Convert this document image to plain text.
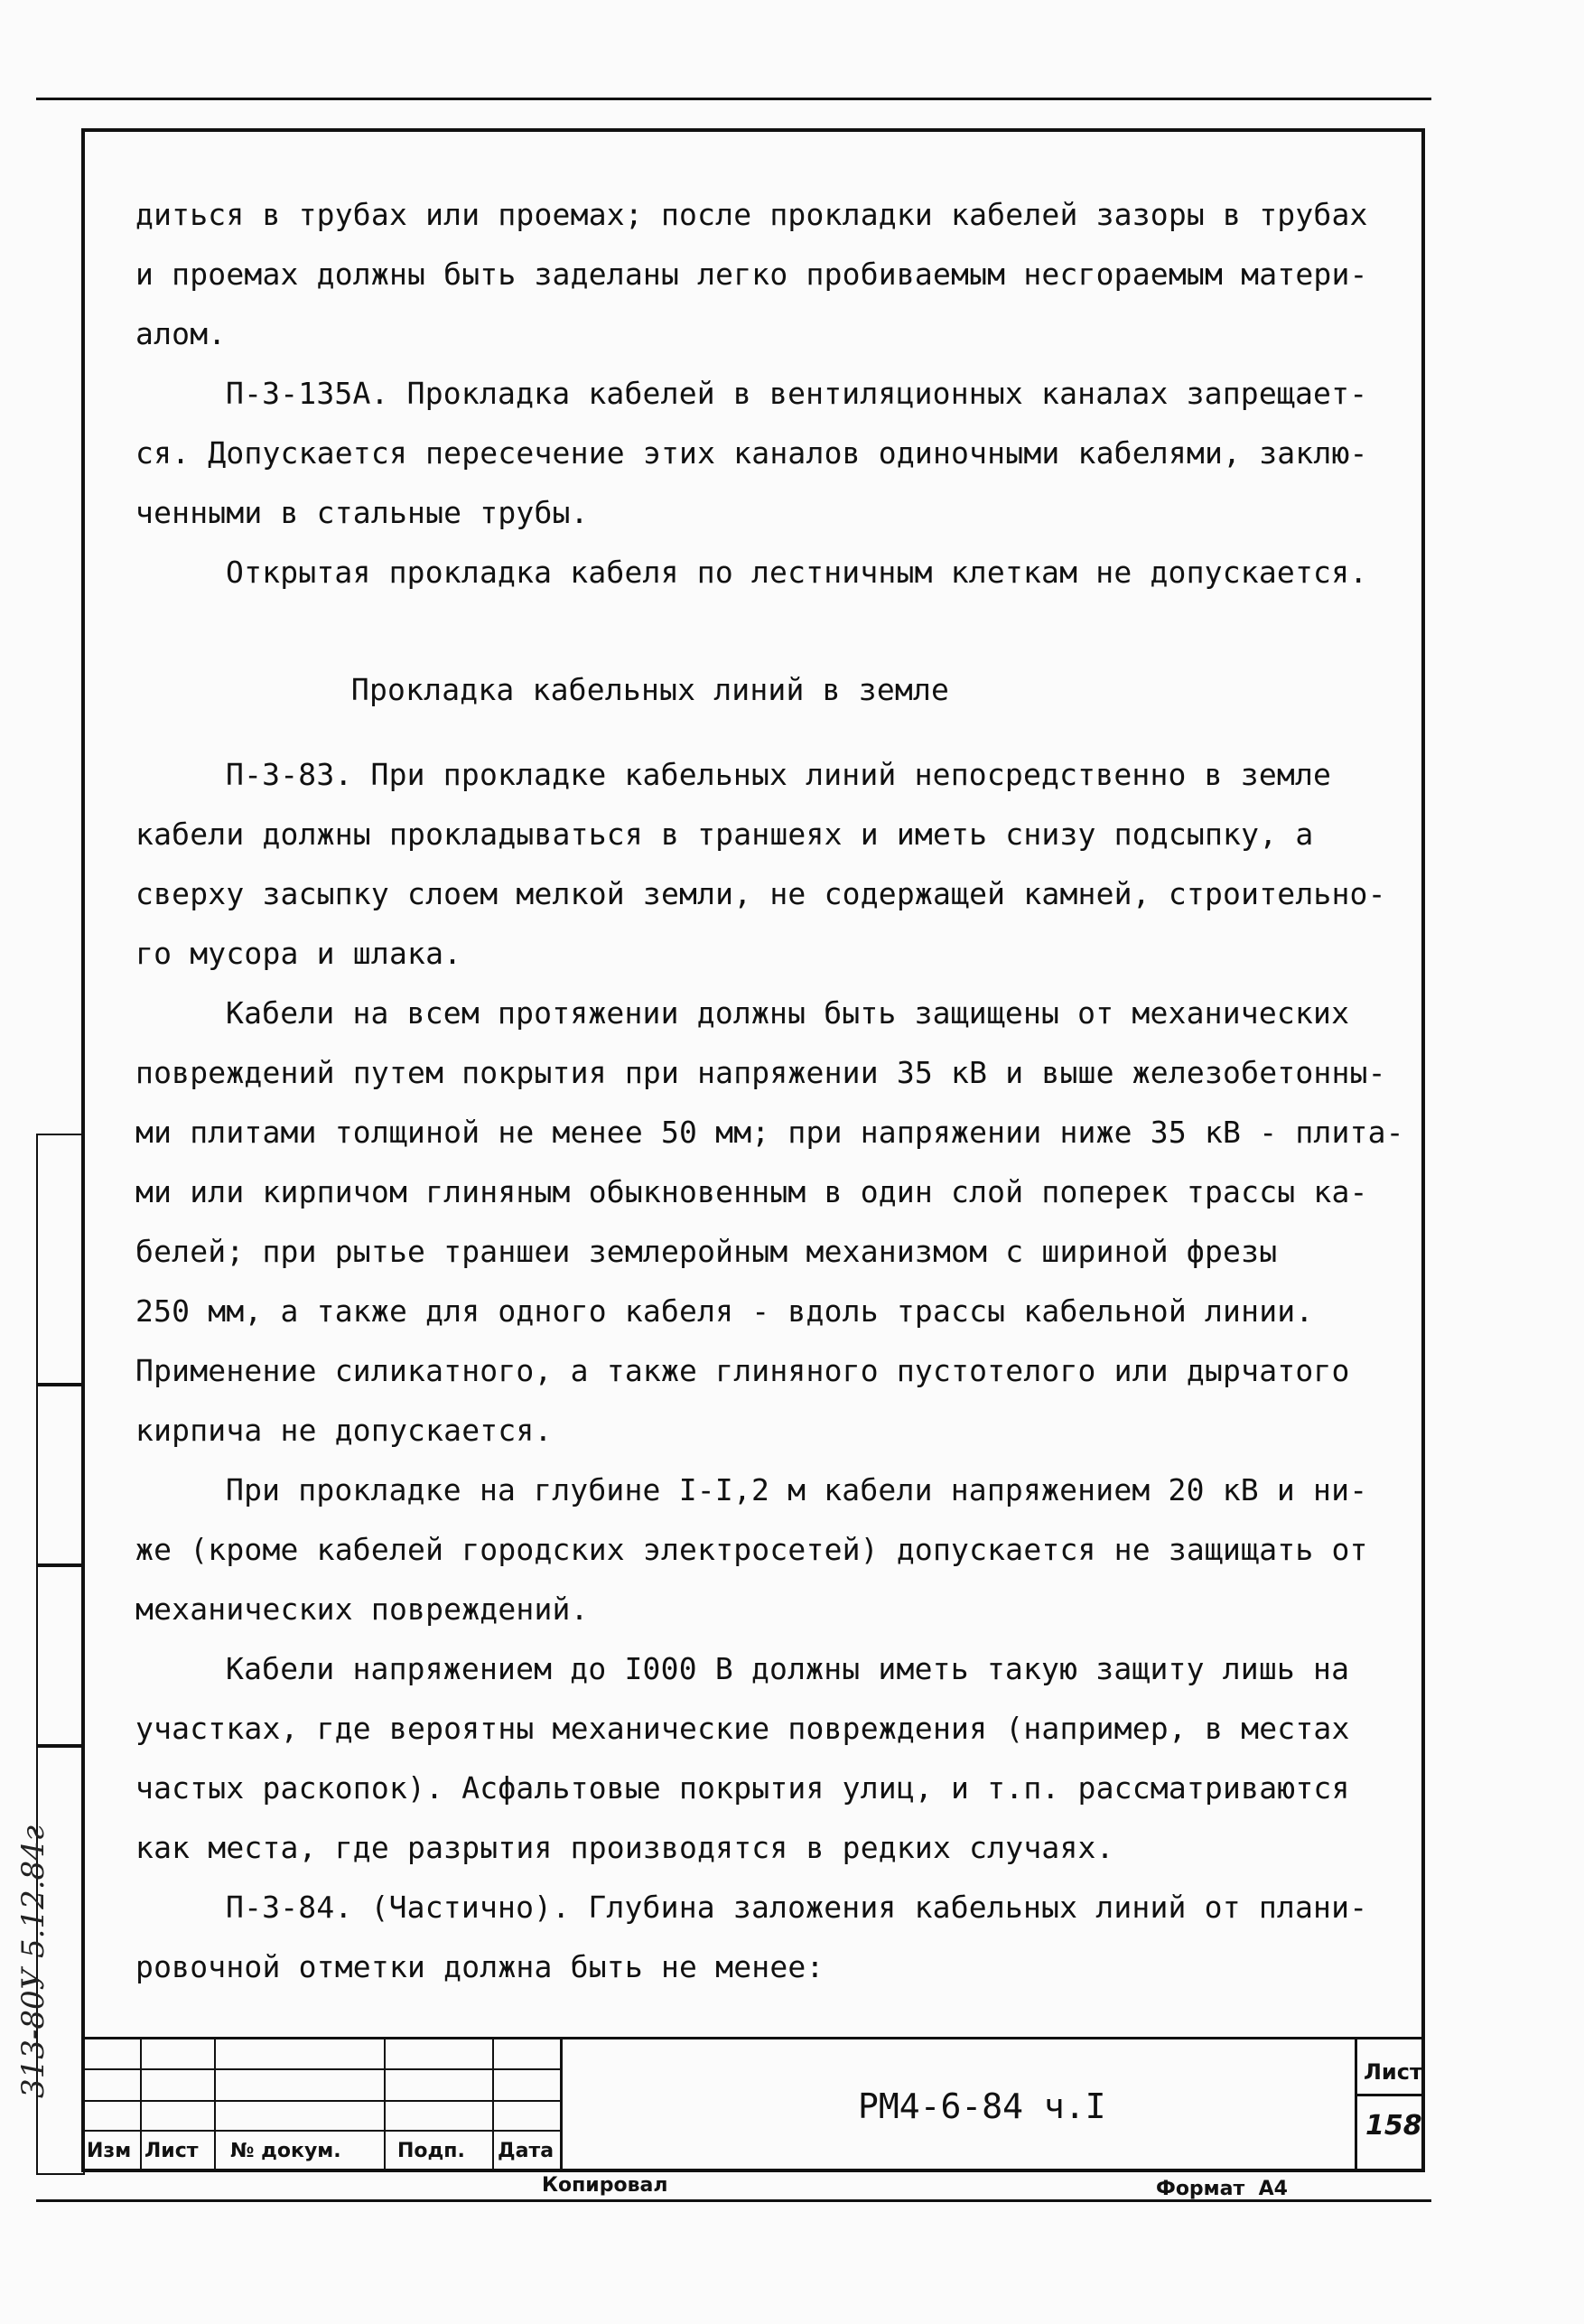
313-80У 5.12.84г
диться в трубах или проемах; после прокладки кабелей зазоры в трубах
и проемах должны быть заделаны легко пробиваемым несгораемым матери-
алом.
П-3-135А. Прокладка кабелей в вентиляционных каналах запрещает-
ся. Допускается пересечение этих каналов одиночными кабелями, заклю-
ченными в стальные трубы.
Открытая прокладка кабеля по лестничным клеткам не допускается.
Прокладка кабельных линий в земле
П-3-83. При прокладке кабельных линий непосредственно в земле
кабели должны прокладываться в траншеях и иметь снизу подсыпку, а
сверху засыпку слоем мелкой земли, не содержащей камней, строительно-
го мусора и шлака.
Кабели на всем протяжении должны быть защищены от механических
повреждений путем покрытия при напряжении 35 кВ и выше железобетонны-
ми плитами толщиной не менее 50 мм; при напряжении ниже 35 кВ - плита-
ми или кирпичом глиняным обыкновенным в один слой поперек трассы ка-
белей; при рытье траншеи землеройным механизмом с шириной фрезы
250 мм, а также для одного кабеля - вдоль трассы кабельной линии.
Применение силикатного, а также глиняного пустотелого или дырчатого
кирпича не допускается.
При прокладке на глубине I-I,2 м кабели напряжением 20 кВ и ни-
же (кроме кабелей городских электросетей) допускается не защищать от
механических повреждений.
Кабели напряжением до I000 В должны иметь такую защиту лишь на
участках, где вероятны механические повреждения (например, в местах
частых раскопок). Асфальтовые покрытия улиц, и т.п. рассматриваются
как места, где разрытия производятся в редких случаях.
П-3-84. (Частично). Глубина заложения кабельных линий от плани-
ровочной отметки должна быть не менее:
Изм Лист № докум.	Подп. Дата
РМ4-6-84 ч.I
Лист
158
Копировал	Формат  А4
